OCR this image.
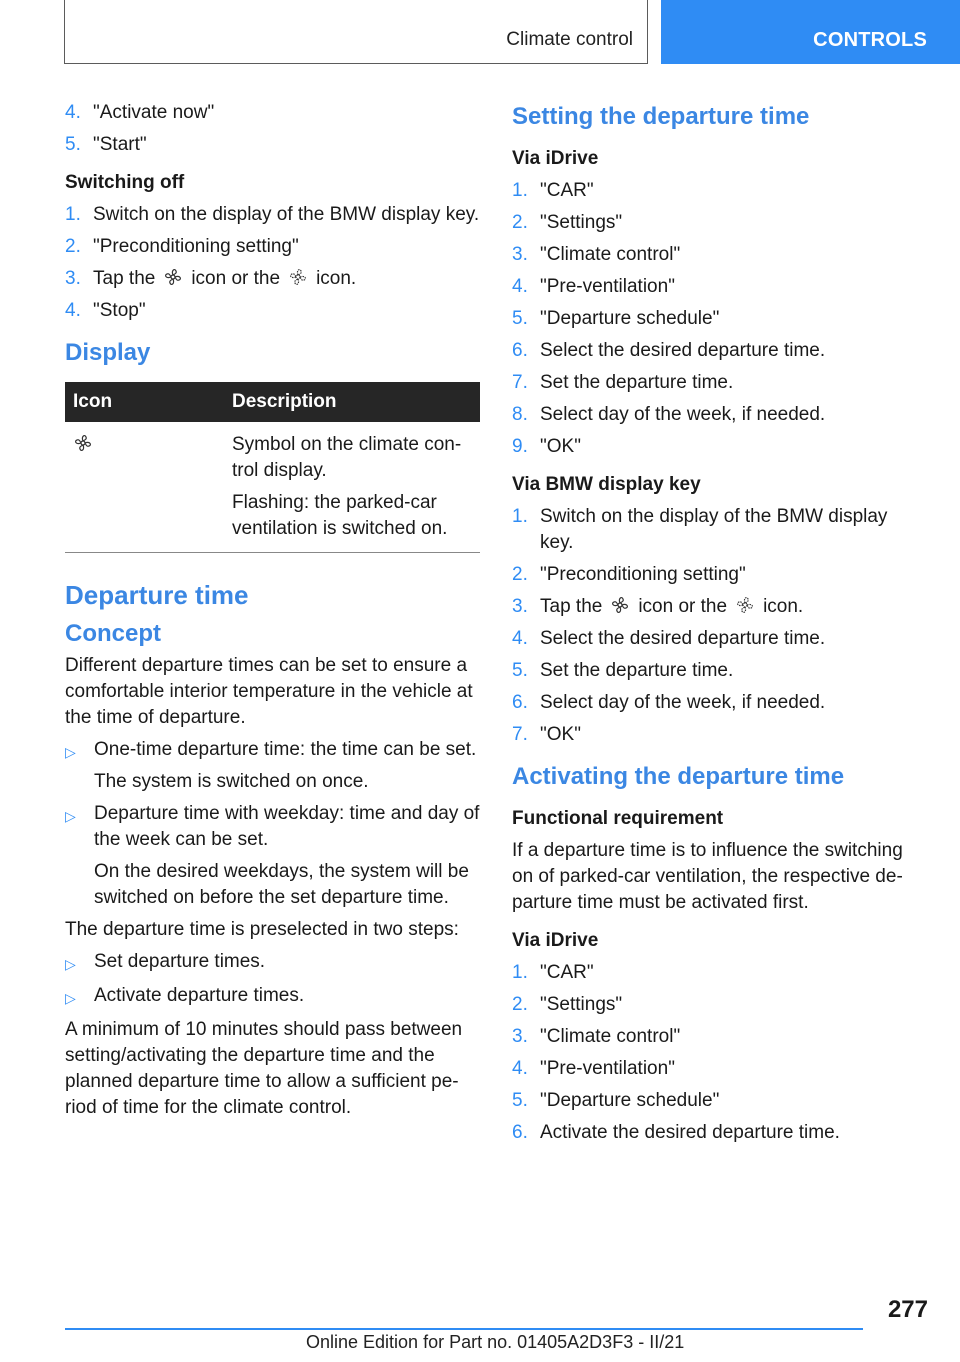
Climate control	CONTROLS
4. "Activate now"
5. "Start"
Switching off
1. Switch on the display of the BMW display key.
2. "Preconditioning setting"
3. Tap the icon or the icon.
4. "Stop"
Display
Icon	Description

Symbol on the climate con-trol display.
Flashing: the parked-car ventilation is switched on.
Departure time
Concept
Different departure times can be set to ensure a comfortable interior temperature in the vehicle at the time of departure.
▷ One-time departure time: the time can be set.

The system is switched on once.
▷ Departure time with weekday: time and day of the week can be set.

On the desired weekdays, the system will be switched on before the set departure time.
The departure time is preselected in two steps:
▷ Set departure times.
▷ Activate departure times.
A minimum of 10 minutes should pass between setting/activating the departure time and the planned departure time to allow a sufficient pe-riod of time for the climate control.
Setting the departure time
Via iDrive
1. "CAR"
2. "Settings"
3. "Climate control"
4. "Pre-ventilation"
5. "Departure schedule"
6. Select the desired departure time.
7. Set the departure time.
8. Select day of the week, if needed.
9. "OK"
Via BMW display key
1. Switch on the display of the BMW display key.
2. "Preconditioning setting"
3. Tap the icon or the icon.
4. Select the desired departure time.
5. Set the departure time.
6. Select day of the week, if needed.
7. "OK"
Activating the departure time
Functional requirement
If a departure time is to influence the switching on of parked-car ventilation, the respective de-parture time must be activated first.
Via iDrive
1. "CAR"
2. "Settings"
3. "Climate control"
4. "Pre-ventilation"
5. "Departure schedule"
6. Activate the desired departure time.
277
Online Edition for Part no. 01405A2D3F3 - II/21
